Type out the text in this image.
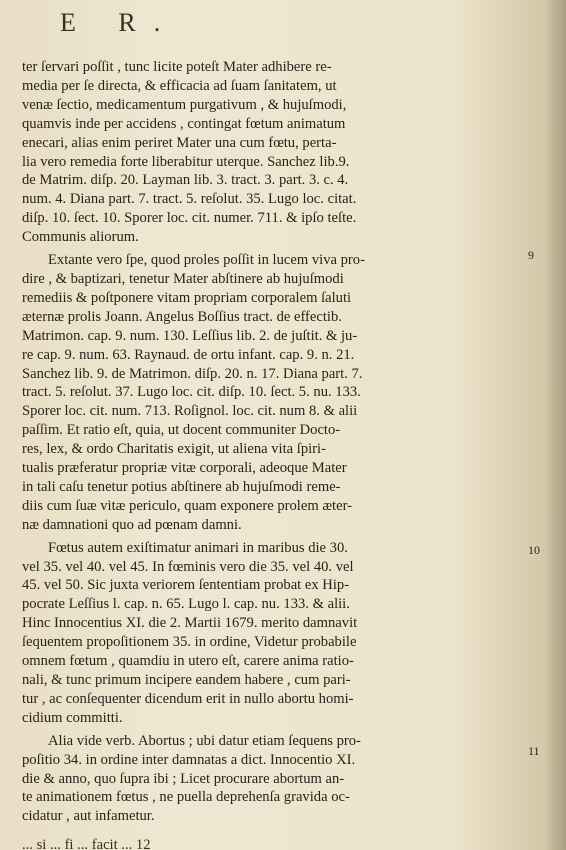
E R.
ter ſervari poſſit , tunc licite poteſt Mater adhibere re-
media per ſe directa, & efficacia ad ſuam ſanitatem, ut
venæ ſectio, medicamentum purgativum , & hujuſmodi,
quamvis inde per accidens , contingat fœtum animatum
enecari, alias enim periret Mater una cum fœtu, perta-
lia vero remedia forte liberabitur uterque. Sanchez lib.9.
de Matrim. diſp. 20. Layman lib. 3. tract. 3. part. 3. c. 4.
num. 4. Diana part. 7. tract. 5. reſolut. 35. Lugo loc. citat.
diſp. 10. ſect. 10. Sporer loc. cit. numer. 711. & ipſo teſte.
Communis aliorum.
Extante vero ſpe, quod proles poſſit in lucem viva pro-
dire , & baptizari, tenetur Mater abſtinere ab hujuſmodi
remediis & poſtponere vitam propriam corporalem ſaluti
æternæ prolis Joann. Angelus Boſſius tract. de effectib.
Matrimon. cap. 9. num. 130. Leſſius lib. 2. de juſtit. & ju-
re cap. 9. num. 63. Raynaud. de ortu infant. cap. 9. n. 21.
Sanchez lib. 9. de Matrimon. diſp. 20. n. 17. Diana part. 7.
tract. 5. reſolut. 37. Lugo loc. cit. diſp. 10. ſect. 5. nu. 133.
Sporer loc. cit. num. 713. Roſignol. loc. cit. num 8. & alii
paſſim. Et ratio eſt, quia, ut docent communiter Docto-
res, lex, & ordo Charitatis exigit, ut aliena vita ſpiri-
tualis præferatur propriæ vitæ corporali, adeoque Mater
in tali caſu tenetur potius abſtinere ab hujuſmodi reme-
diis cum ſuæ vitæ periculo, quam exponere prolem æter-
næ damnationi quo ad pœnam damni.
Fœtus autem exiſtimatur animari in maribus die 30.
vel 35. vel 40. vel 45. In fœminis vero die 35. vel 40. vel
45. vel 50. Sic juxta veriorem ſententiam probat ex Hip-
pocrate Leſſius l. cap. n. 65. Lugo l. cap. nu. 133. & alii.
Hinc Innocentius XI. die 2. Martii 1679. merito damnavit
ſequentem propoſitionem 35. in ordine, Videtur probabile
omnem fœtum , quamdiu in utero eſt, carere anima ratio-
nali, & tunc primum incipere eandem habere , cum pari-
tur , ac conſequenter dicendum erit in nullo abortu homi-
cidium committi.
Alia vide verb. Abortus ; ubi datur etiam ſequens pro-
poſitio 34. in ordine inter damnatas a dict. Innocentio XI.
die & anno, quo ſupra ibi ; Licet procurare abortum an-
te animationem fœtus , ne puella deprehenſa gravida oc-
cidatur , aut infametur.
9
10
11
... si ... fi ... facit ... 12
